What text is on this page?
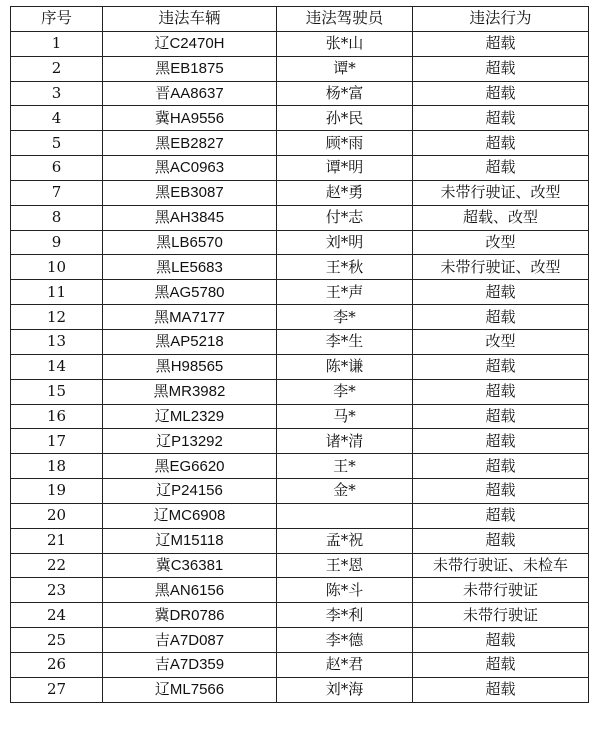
序号	违法车辆	违法驾驶员	违法行为
1	辽C2470H	张*山	超载
2	黑EB1875	谭*	超载
3	晋AA8637	杨*富	超载
4	冀HA9556	孙*民	超载
5	黑EB2827	顾*雨	超载
6	黑AC0963	谭*明	超载
7	黑EB3087	赵*勇	未带行驶证、改型
8	黑AH3845	付*志	超载、改型
9	黑LB6570	刘*明	改型
10	黑LE5683	王*秋	未带行驶证、改型
11	黑AG5780	王*声	超载
12	黑MA7177	李*	超载
13	黑AP5218	李*生	改型
14	黑H98565	陈*谦	超载
15	黑MR3982	李*	超载
16	辽ML2329	马*	超载
17	辽P13292	诸*清	超载
18	黑EG6620	王*	超载
19	辽P24156	金*	超载
20	辽MC6908		超载
21	辽M15118	孟*祝	超载
22	冀C36381	王*恩	未带行驶证、未检车
23	黑AN6156	陈*斗	未带行驶证
24	冀DR0786	李*利	未带行驶证
25	吉A7D087	李*德	超载
26	吉A7D359	赵*君	超载
27	辽ML7566	刘*海	超载
